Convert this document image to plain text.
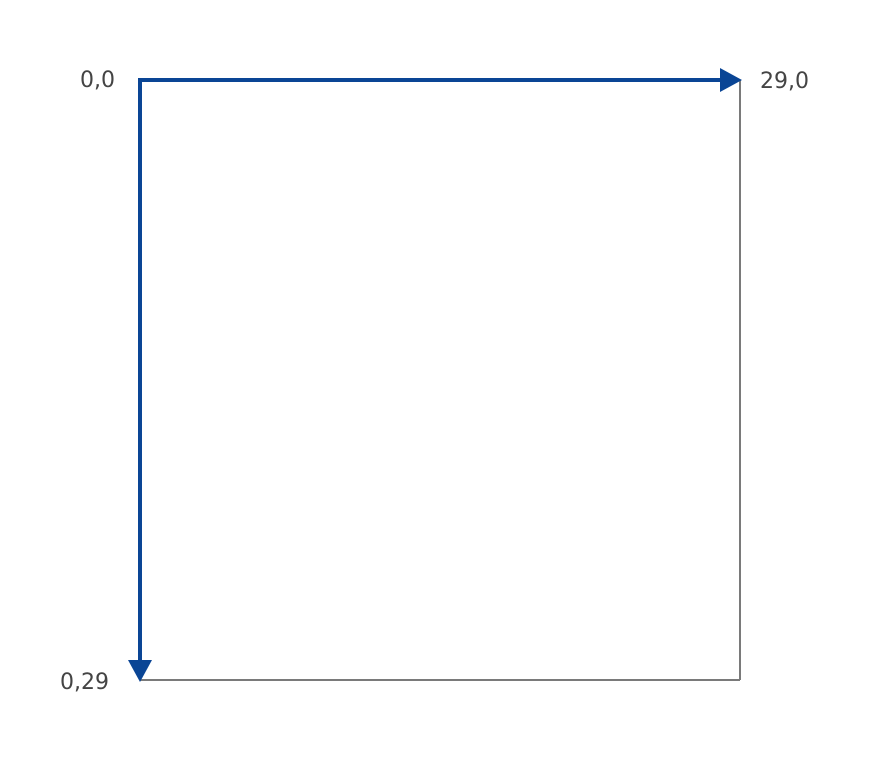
0,0	29,0
0,29
